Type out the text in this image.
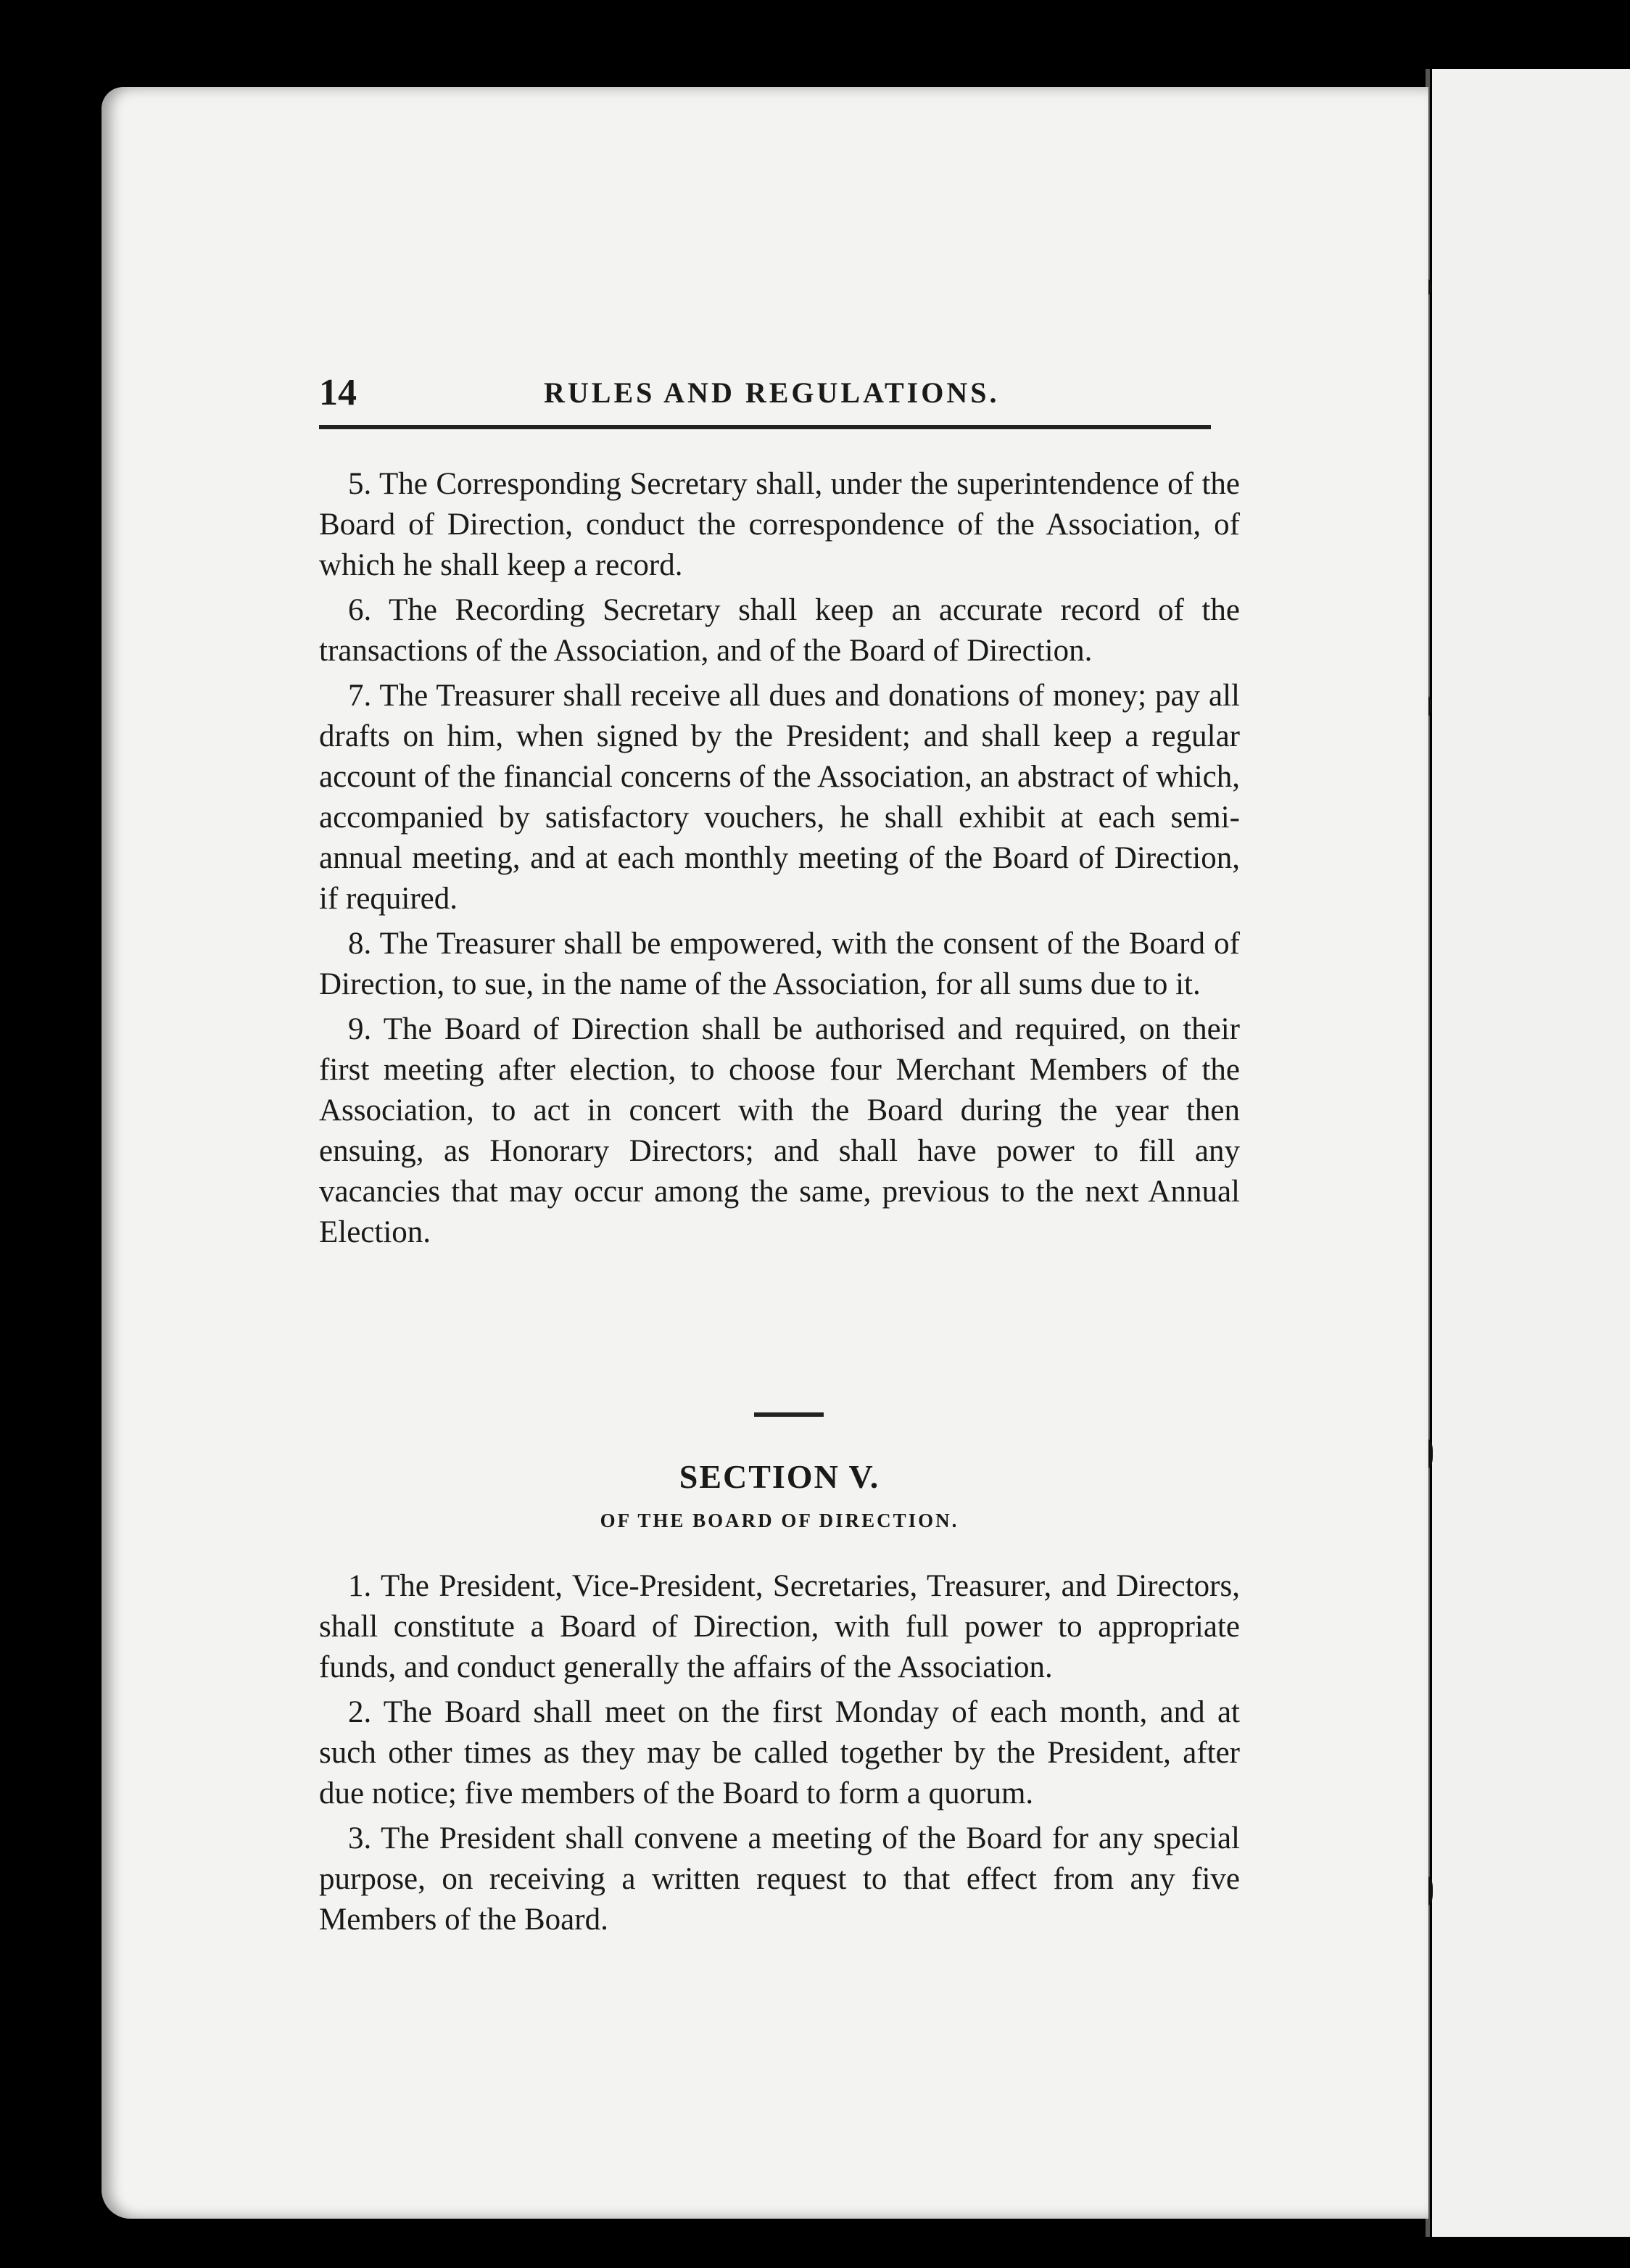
14	RULES AND REGULATIONS.

5. The Corresponding Secretary shall, under the superintendence of the Board of Direction, conduct the correspondence of the Association, of which he shall keep a record.

6. The Recording Secretary shall keep an accurate record of the transactions of the Association, and of the Board of Direction.

7. The Treasurer shall receive all dues and donations of money; pay all drafts on him, when signed by the President; and shall keep a regular account of the financial concerns of the Association, an abstract of which, accompanied by satisfactory vouchers, he shall exhibit at each semi-annual meeting, and at each monthly meeting of the Board of Direction, if required.

8. The Treasurer shall be empowered, with the consent of the Board of Direction, to sue, in the name of the Association, for all sums due to it.

9. The Board of Direction shall be authorised and required, on their first meeting after election, to choose four Merchant Members of the Association, to act in concert with the Board during the year then ensuing, as Honorary Directors; and shall have power to fill any vacancies that may occur among the same, previous to the next Annual Election.

SECTION V.
OF THE BOARD OF DIRECTION.

1. The President, Vice-President, Secretaries, Treasurer, and Directors, shall constitute a Board of Direction, with full power to appropriate funds, and conduct generally the affairs of the Association.

2. The Board shall meet on the first Monday of each month, and at such other times as they may be called together by the President, after due notice; five members of the Board to form a quorum.

3. The President shall convene a meeting of the Board for any special purpose, on receiving a written request to that effect from any five Members of the Board.
